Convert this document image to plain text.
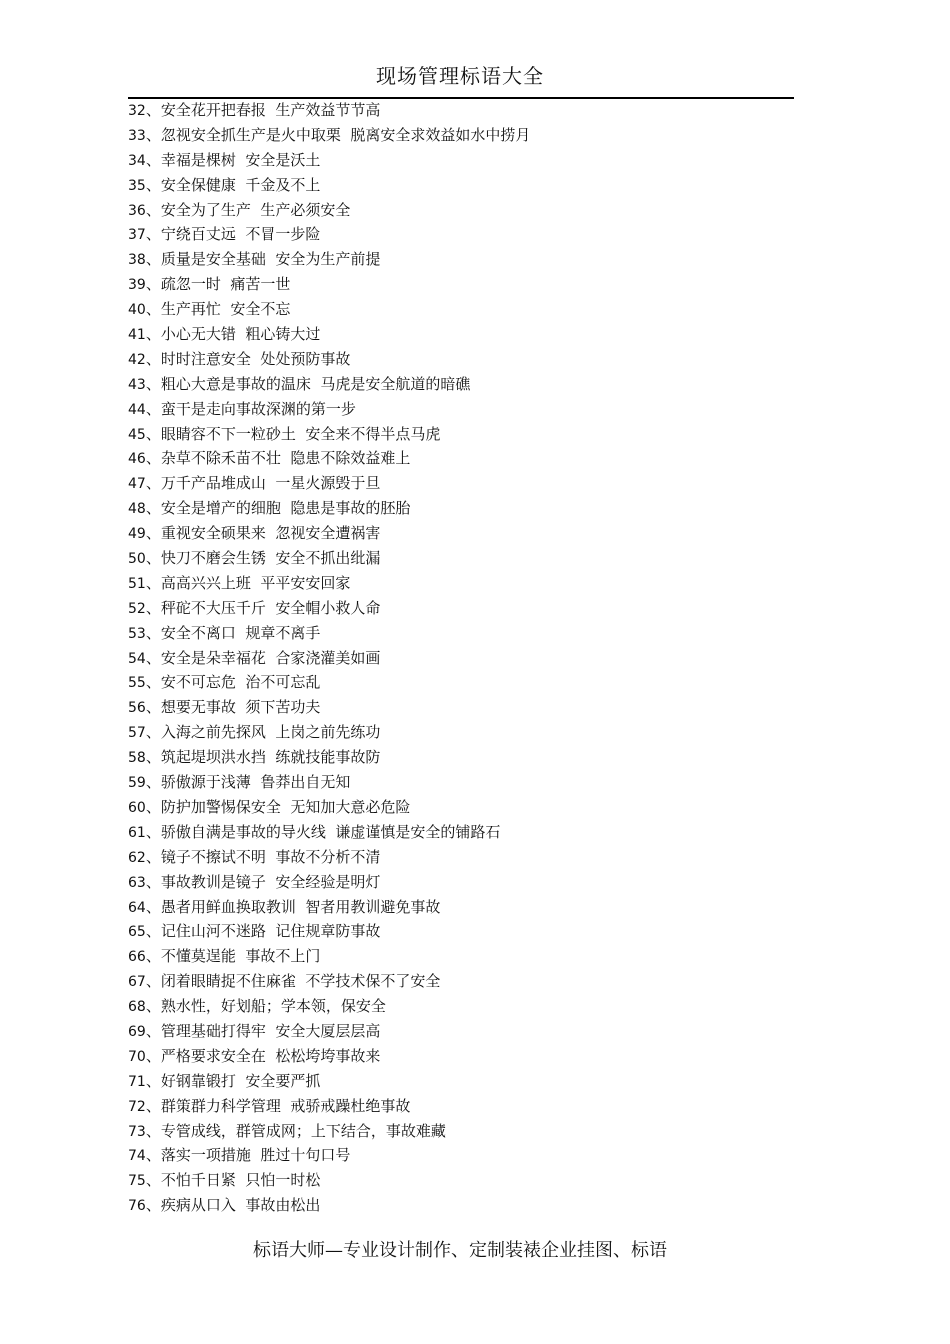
现场管理标语大全
32、安全花开把春报  生产效益节节高
33、忽视安全抓生产是火中取栗  脱离安全求效益如水中捞月
34、幸福是棵树  安全是沃土
35、安全保健康  千金及不上
36、安全为了生产  生产必须安全
37、宁绕百丈远  不冒一步险
38、质量是安全基础  安全为生产前提
39、疏忽一时  痛苦一世
40、生产再忙  安全不忘
41、小心无大错  粗心铸大过
42、时时注意安全  处处预防事故
43、粗心大意是事故的温床  马虎是安全航道的暗礁
44、蛮干是走向事故深渊的第一步
45、眼睛容不下一粒砂土  安全来不得半点马虎
46、杂草不除禾苗不壮  隐患不除效益难上
47、万千产品堆成山  一星火源毁于旦
48、安全是增产的细胞  隐患是事故的胚胎
49、重视安全硕果来  忽视安全遭祸害
50、快刀不磨会生锈  安全不抓出纰漏
51、高高兴兴上班  平平安安回家
52、秤砣不大压千斤  安全帽小救人命
53、安全不离口  规章不离手
54、安全是朵幸福花  合家浇灌美如画
55、安不可忘危  治不可忘乱
56、想要无事故  须下苦功夫
57、入海之前先探风  上岗之前先练功
58、筑起堤坝洪水挡  练就技能事故防
59、骄傲源于浅薄  鲁莽出自无知
60、防护加警惕保安全  无知加大意必危险
61、骄傲自满是事故的导火线  谦虚谨慎是安全的铺路石
62、镜子不擦试不明  事故不分析不清
63、事故教训是镜子  安全经验是明灯
64、愚者用鲜血换取教训  智者用教训避免事故
65、记住山河不迷路  记住规章防事故
66、不懂莫逞能  事故不上门
67、闭着眼睛捉不住麻雀  不学技术保不了安全
68、熟水性，好划船；学本领，保安全
69、管理基础打得牢  安全大厦层层高
70、严格要求安全在  松松垮垮事故来
71、好钢靠锻打  安全要严抓
72、群策群力科学管理  戒骄戒躁杜绝事故
73、专管成线，群管成网；上下结合，事故难藏
74、落实一项措施  胜过十句口号
75、不怕千日紧  只怕一时松
76、疾病从口入  事故由松出
标语大师—专业设计制作、定制装裱企业挂图、标语
